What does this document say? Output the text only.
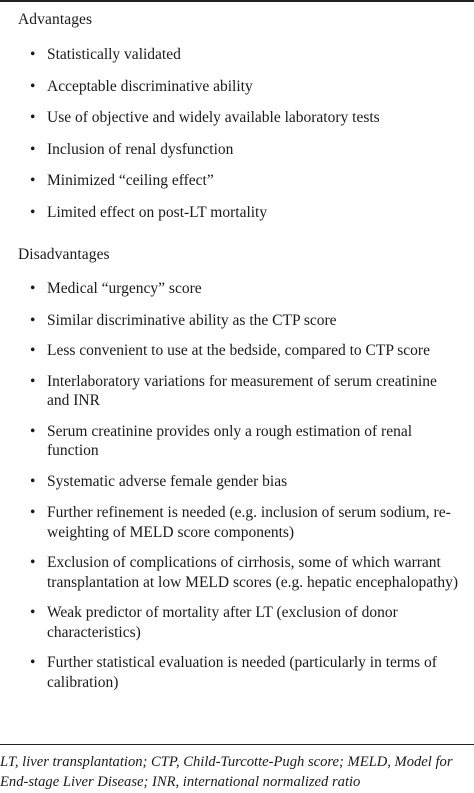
Advantages
• Statistically validated
• Acceptable discriminative ability
• Use of objective and widely available laboratory tests
• Inclusion of renal dysfunction
• Minimized “ceiling effect”
• Limited effect on post-LT mortality
Disadvantages
• Medical “urgency” score
• Similar discriminative ability as the CTP score
• Less convenient to use at the bedside, compared to CTP score
• Interlaboratory variations for measurement of serum creatinine and INR
• Serum creatinine provides only a rough estimation of renal function
• Systematic adverse female gender bias
• Further refinement is needed (e.g. inclusion of serum sodium, re-weighting of MELD score components)
• Exclusion of complications of cirrhosis, some of which warrant transplantation at low MELD scores (e.g. hepatic encephalopathy)
• Weak predictor of mortality after LT (exclusion of donor characteristics)
• Further statistical evaluation is needed (particularly in terms of calibration)
LT, liver transplantation; CTP, Child-Turcotte-Pugh score; MELD, Model for
End-stage Liver Disease; INR, international normalized ratio
